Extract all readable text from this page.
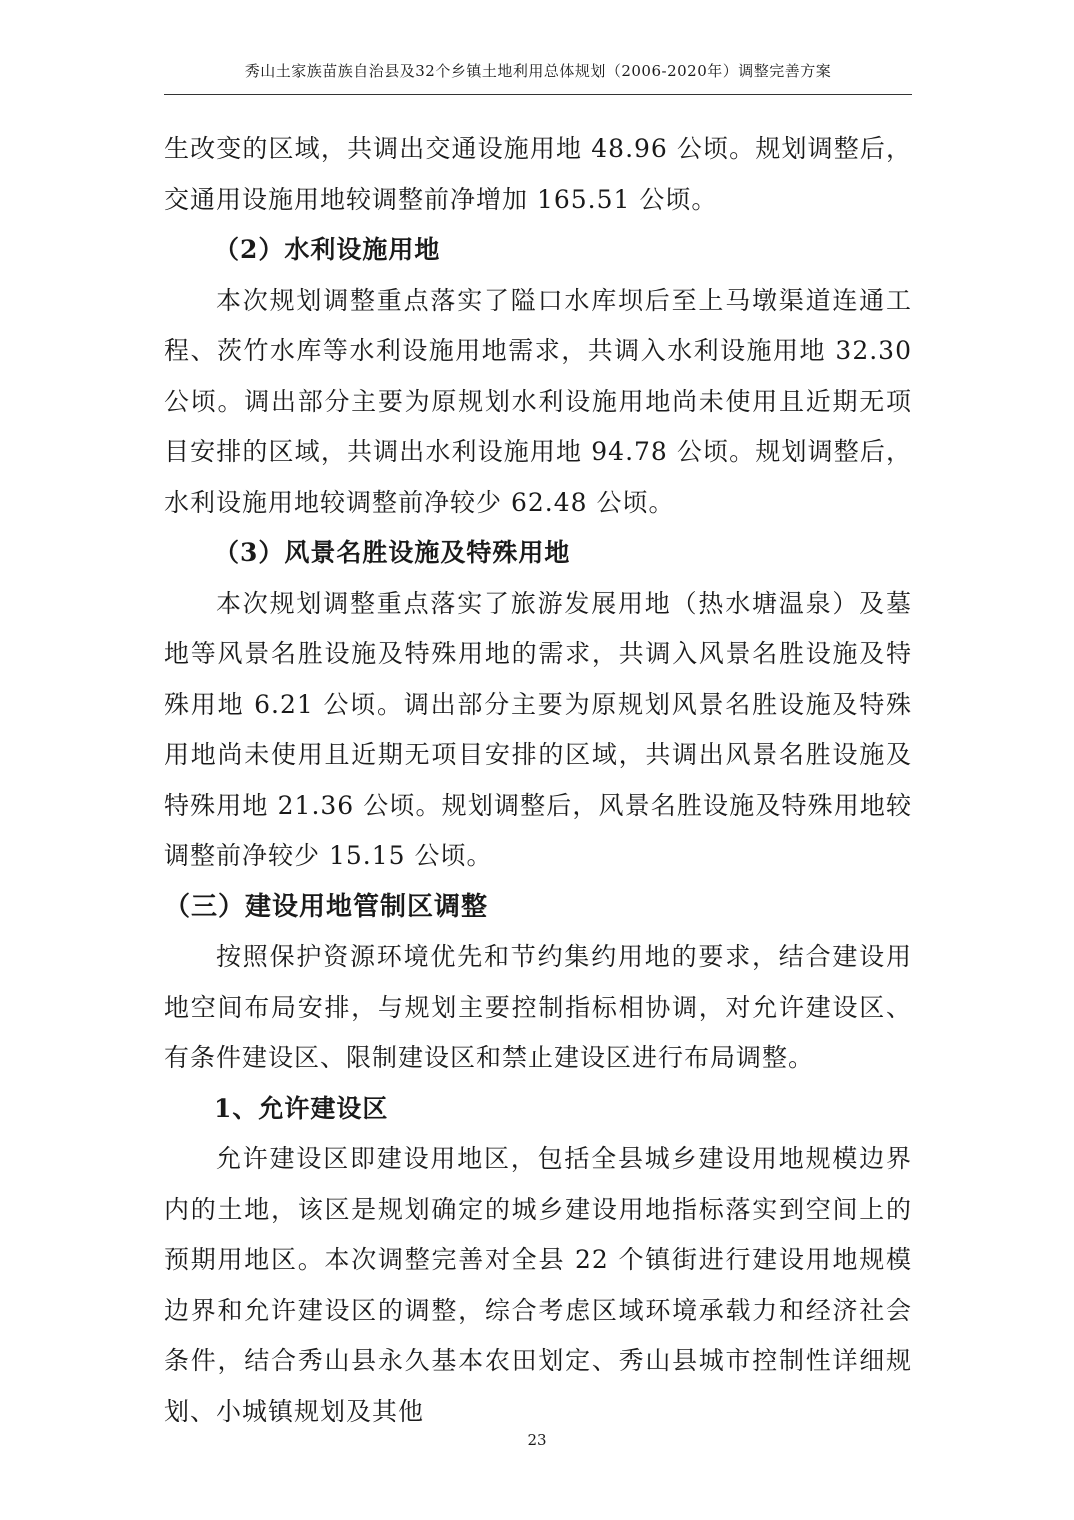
秀山土家族苗族自治县及32个乡镇土地利用总体规划（2006-2020年）调整完善方案

生改变的区域，共调出交通设施用地 48.96 公顷。规划调整后，交通用设施用地较调整前净增加 165.51 公顷。

（2）水利设施用地

本次规划调整重点落实了隘口水库坝后至上马墩渠道连通工程、茨竹水库等水利设施用地需求，共调入水利设施用地 32.30 公顷。调出部分主要为原规划水利设施用地尚未使用且近期无项目安排的区域，共调出水利设施用地 94.78 公顷。规划调整后，水利设施用地较调整前净较少 62.48 公顷。

（3）风景名胜设施及特殊用地

本次规划调整重点落实了旅游发展用地（热水塘温泉）及墓地等风景名胜设施及特殊用地的需求，共调入风景名胜设施及特殊用地 6.21 公顷。调出部分主要为原规划风景名胜设施及特殊用地尚未使用且近期无项目安排的区域，共调出风景名胜设施及特殊用地 21.36 公顷。规划调整后，风景名胜设施及特殊用地较调整前净较少 15.15 公顷。

（三）建设用地管制区调整

按照保护资源环境优先和节约集约用地的要求，结合建设用地空间布局安排，与规划主要控制指标相协调，对允许建设区、有条件建设区、限制建设区和禁止建设区进行布局调整。

1、允许建设区

允许建设区即建设用地区，包括全县城乡建设用地规模边界内的土地，该区是规划确定的城乡建设用地指标落实到空间上的预期用地区。本次调整完善对全县 22 个镇街进行建设用地规模边界和允许建设区的调整，综合考虑区域环境承载力和经济社会条件，结合秀山县永久基本农田划定、秀山县城市控制性详细规划、小城镇规划及其他

23
